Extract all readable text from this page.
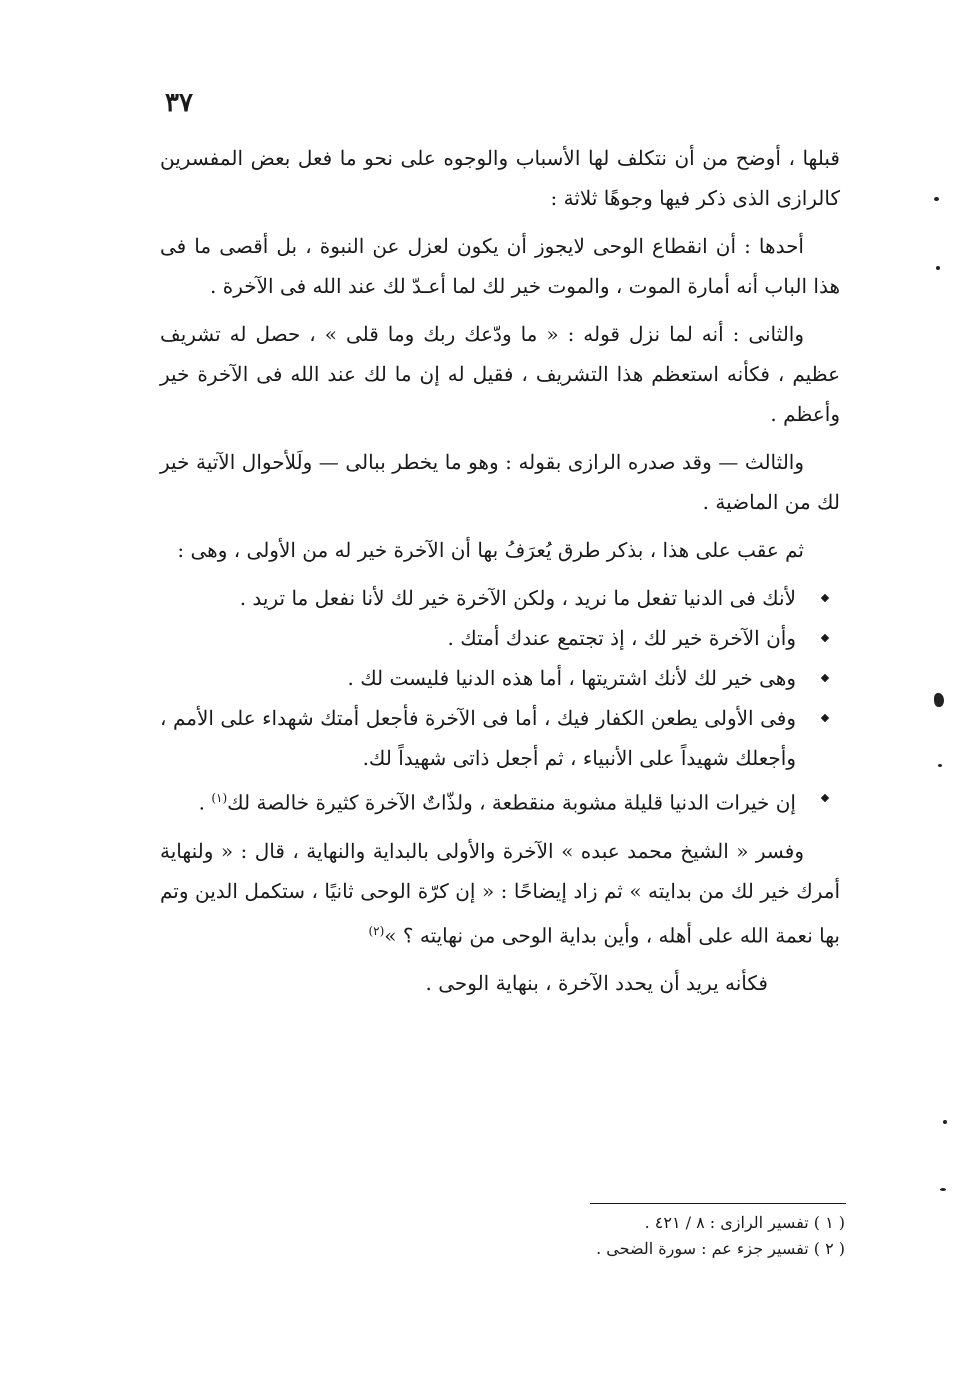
٣٧

قبلها ، أوضح من أن نتكلف لها الأسباب والوجوه على نحو ما فعل بعض المفسرين كالرازى الذى ذكر فيها وجوهًا ثلاثة :

أحدها : أن انقطاع الوحى لايجوز أن يكون لعزل عن النبوة ، بل أقصى ما فى هذا الباب أنه أمارة الموت ، والموت خير لك لما أعـدّ لك عند الله فى الآخرة .

والثانى : أنه لما نزل قوله : « ما ودّعك ربك وما قلى » ، حصل له تشريف عظيم ، فكأنه استعظم هذا التشريف ، فقيل له إن ما لك عند الله فى الآخرة خير وأعظم .

والثالث — وقد صدره الرازى بقوله : وهو ما يخطر ببالى — ولَلأحوال الآتية خير لك من الماضية .

ثم عقب على هذا ، بذكر طرق يُعرَفُ بها أن الآخرة خير له من الأولى ، وهى :

لأنك فى الدنيا تفعل ما نريد ، ولكن الآخرة خير لك لأنا نفعل ما تريد .
وأن الآخرة خير لك ، إذ تجتمع عندك أمتك .
وهى خير لك لأنك اشتريتها ، أما هذه الدنيا فليست لك .
وفى الأولى يطعن الكفار فيك ، أما فى الآخرة فأجعل أمتك شهداء على الأمم ، وأجعلك شهيداً على الأنبياء ، ثم أجعل ذاتى شهيداً لك.
إن خيرات الدنيا قليلة مشوبة منقطعة ، ولذّاتٌ الآخرة كثيرة خالصة لك$^{(١)}$ .

وفسر « الشيخ محمد عبده » الآخرة والأولى بالبداية والنهاية ، قال : « ولنهاية أمرك خير لك من بدايته » ثم زاد إيضاحًا : « إن كرّة الوحى ثانيًا ، ستكمل الدين وتم بها نعمة الله على أهله ، وأين بداية الوحى من نهايته ؟ »$^{(٢)}$

فكأنه يريد أن يحدد الآخرة ، بنهاية الوحى .

( ١ ) تفسير الرازى : ٨ / ٤٢١ .

( ٢ ) تفسير جزء عم : سورة الضحى .
